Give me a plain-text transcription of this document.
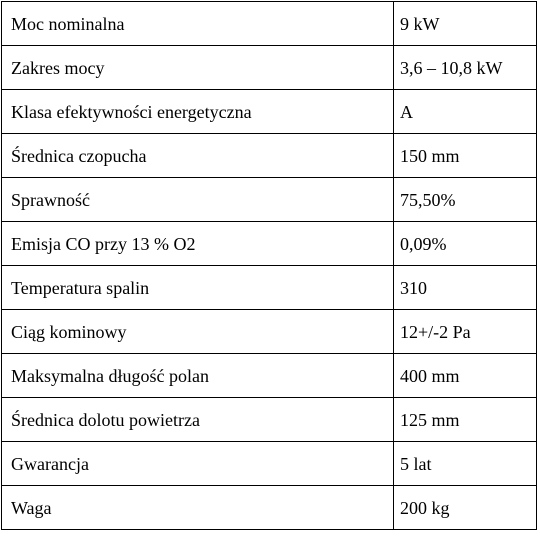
Moc nominalna	9 kW
Zakres mocy	3,6 – 10,8 kW
Klasa efektywności energetyczna	A
Średnica czopucha	150 mm
Sprawność	75,50%
Emisja CO przy 13 % O2	0,09%
Temperatura spalin	310
Ciąg kominowy	12+/-2 Pa
Maksymalna długość polan	400 mm
Średnica dolotu powietrza	125 mm
Gwarancja	5 lat
Waga	200 kg
